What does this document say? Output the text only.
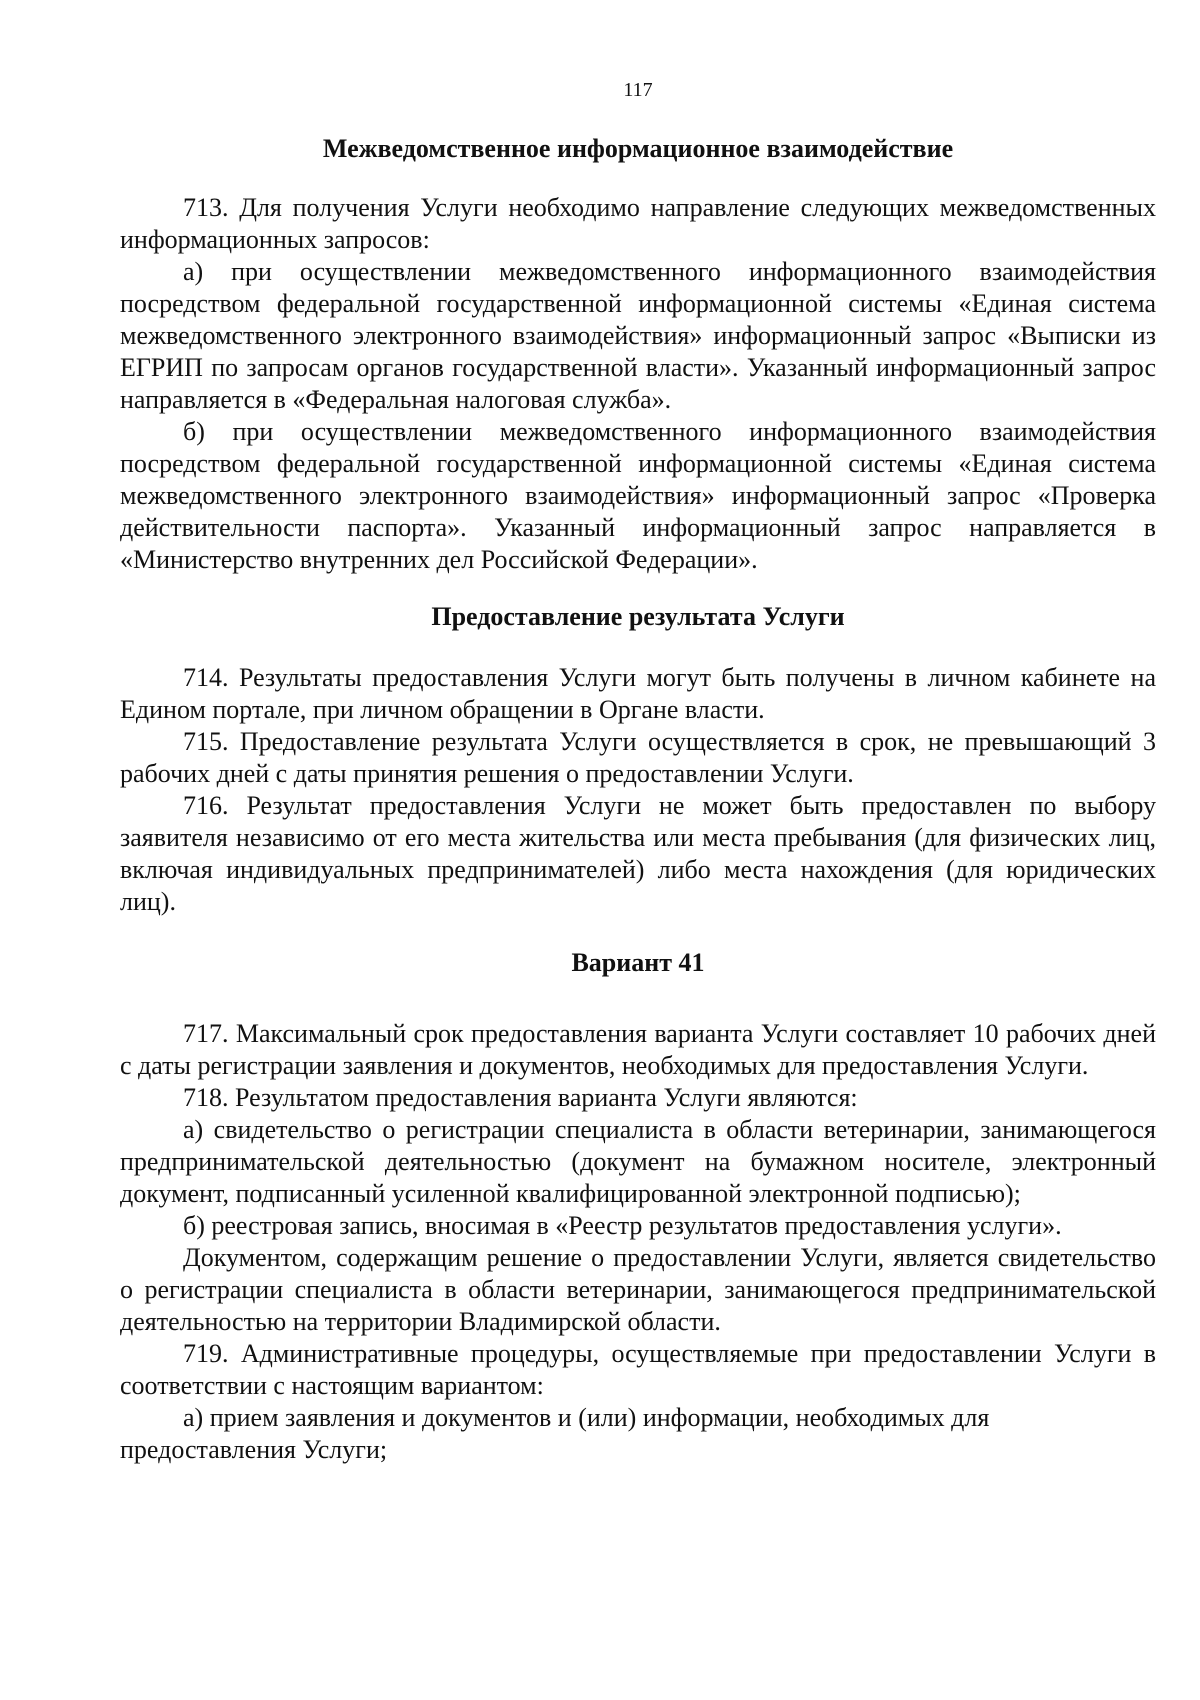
117
Межведомственное информационное взаимодействие

713. Для получения Услуги необходимо направление следующих межведомственных информационных запросов:

а) при осуществлении межведомственного информационного взаимодействия посредством федеральной государственной информационной системы «Единая система межведомственного электронного взаимодействия» информационный запрос «Выписки из ЕГРИП по запросам органов государственной власти». Указанный информационный запрос направляется в «Федеральная налоговая служба».

б) при осуществлении межведомственного информационного взаимодействия посредством федеральной государственной информационной системы «Единая система межведомственного электронного взаимодействия» информационный запрос «Проверка действительности паспорта». Указанный информационный запрос направляется в «Министерство внутренних дел Российской Федерации».

Предоставление результата Услуги

714. Результаты предоставления Услуги могут быть получены в личном кабинете на Едином портале, при личном обращении в Органе власти.

715. Предоставление результата Услуги осуществляется в срок, не превышающий 3 рабочих дней с даты принятия решения о предоставлении Услуги.

716. Результат предоставления Услуги не может быть предоставлен по выбору заявителя независимо от его места жительства или места пребывания (для физических лиц, включая индивидуальных предпринимателей) либо места нахождения (для юридических лиц).

Вариант 41

717. Максимальный срок предоставления варианта Услуги составляет 10 рабочих дней с даты регистрации заявления и документов, необходимых для предоставления Услуги.

718. Результатом предоставления варианта Услуги являются:

а) свидетельство о регистрации специалиста в области ветеринарии, занимающегося предпринимательской деятельностью (документ на бумажном носителе, электронный документ, подписанный усиленной квалифицированной электронной подписью);

б) реестровая запись, вносимая в «Реестр результатов предоставления услуги».

Документом, содержащим решение о предоставлении Услуги, является свидетельство о регистрации специалиста в области ветеринарии, занимающегося предпринимательской деятельностью на территории Владимирской области.

719. Административные процедуры, осуществляемые при предоставлении Услуги в соответствии с настоящим вариантом:

а) прием заявления и документов и (или) информации, необходимых для предоставления Услуги;
